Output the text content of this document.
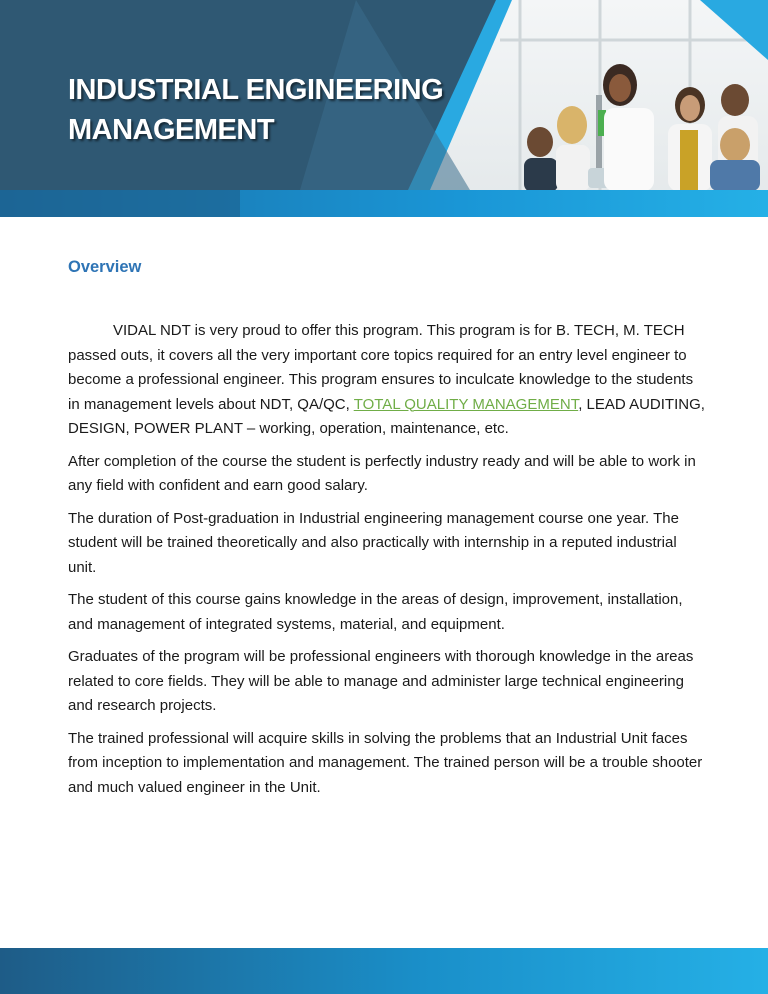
INDUSTRIAL ENGINEERING
MANAGEMENT
Overview

VIDAL NDT is very proud to offer this program. This program is for B. TECH, M. TECH passed outs, it covers all the very important core topics required for an entry level engineer to become a professional engineer. This program ensures to inculcate knowledge to the students in management levels about NDT, QA/QC, TOTAL QUALITY MANAGEMENT, LEAD AUDITING, DESIGN, POWER PLANT – working, operation, maintenance, etc.

After completion of the course the student is perfectly industry ready and will be able to work in any field with confident and earn good salary.

The duration of Post-graduation in Industrial engineering management course one year. The student will be trained theoretically and also practically with internship in a reputed industrial unit.

The student of this course gains knowledge in the areas of design, improvement, installation, and management of integrated systems, material, and equipment.

Graduates of the program will be professional engineers with thorough knowledge in the areas related to core fields. They will be able to manage and administer large technical engineering and research projects.

The trained professional will acquire skills in solving the problems that an Industrial Unit faces from inception to implementation and management. The trained person will be a trouble shooter and much valued engineer in the Unit.
